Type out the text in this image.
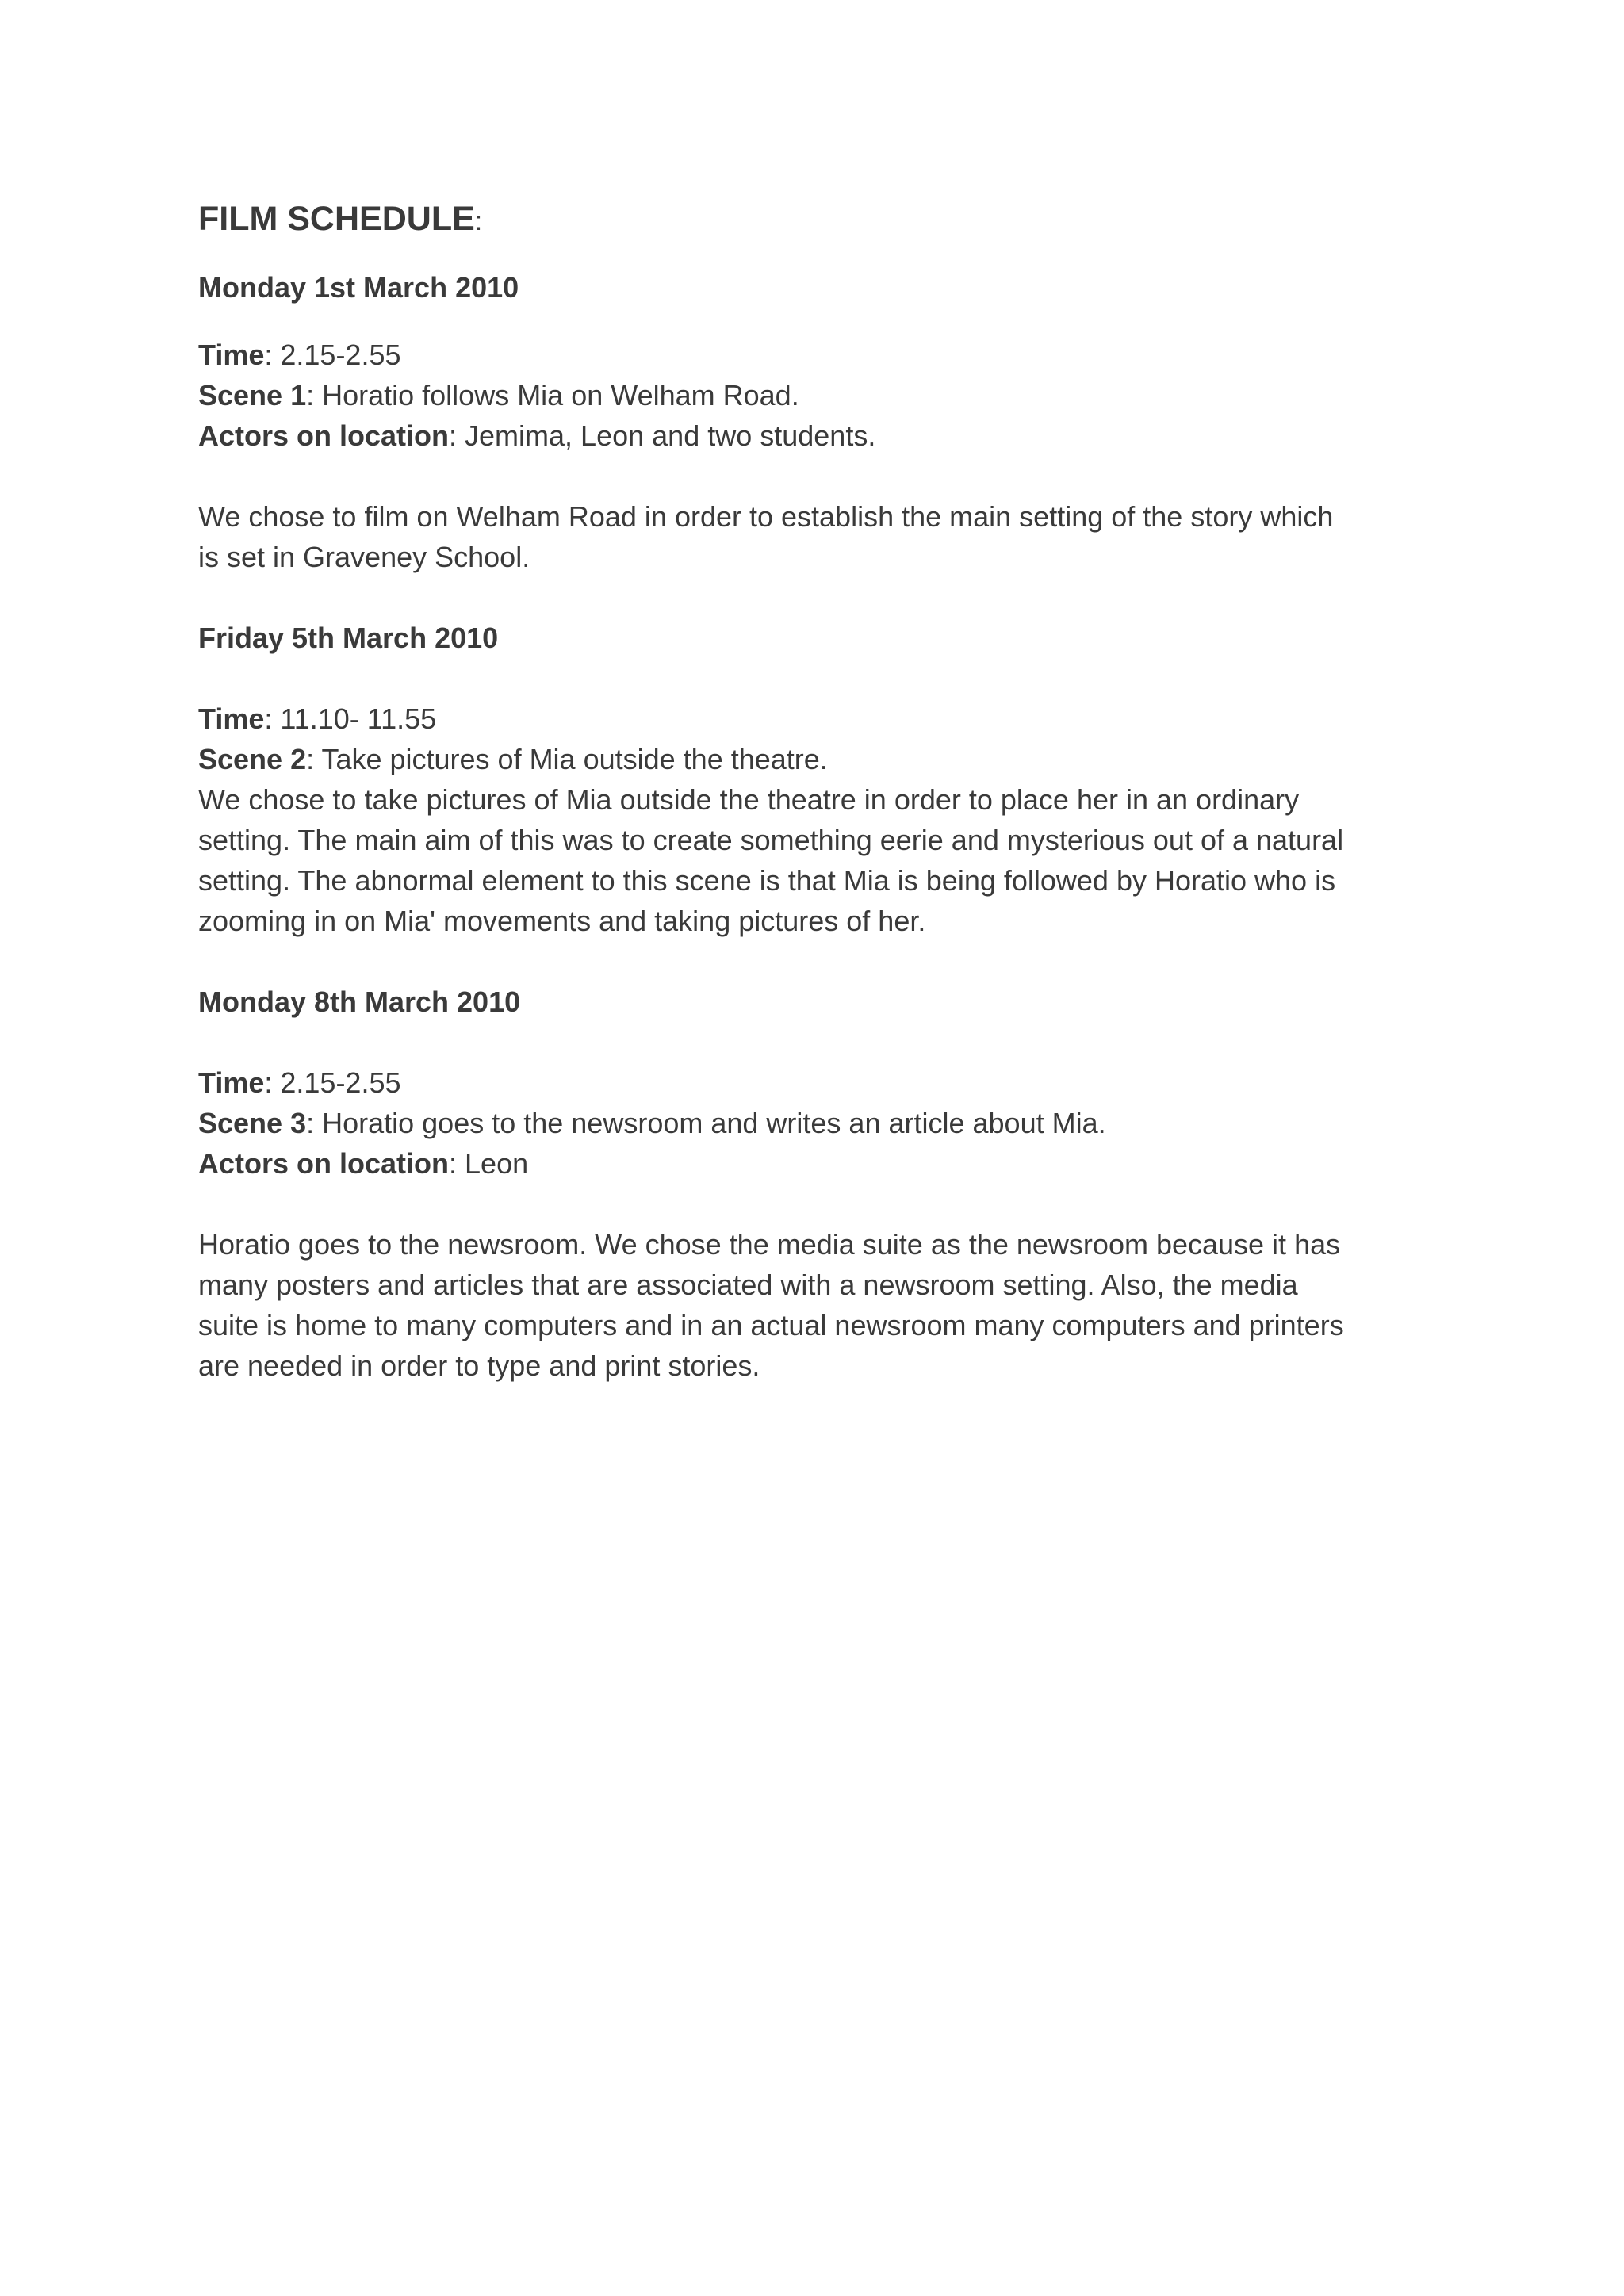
FILM SCHEDULE:

Monday 1st March 2010

Time: 2.15-2.55

Scene 1: Horatio follows Mia on Welham Road.

Actors on location: Jemima, Leon and two students.

We chose to film on Welham Road in order to establish the main setting of the story which

is set in Graveney School.

Friday 5th March 2010

Time: 11.10- 11.55

Scene 2: Take pictures of Mia outside the theatre.

We chose to take pictures of Mia outside the theatre in order to place her in an ordinary

setting. The main aim of this was to create something eerie and mysterious out of a natural

setting. The abnormal element to this scene is that Mia is being followed by Horatio who is

zooming in on Mia' movements and taking pictures of her.

Monday 8th March 2010

Time: 2.15-2.55

Scene 3: Horatio goes to the newsroom and writes an article about Mia.

Actors on location: Leon

Horatio goes to the newsroom. We chose the media suite as the newsroom because it has

many posters and articles that are associated with a newsroom setting. Also, the media

suite is home to many computers and in an actual newsroom many computers and printers

are needed in order to type and print stories.
